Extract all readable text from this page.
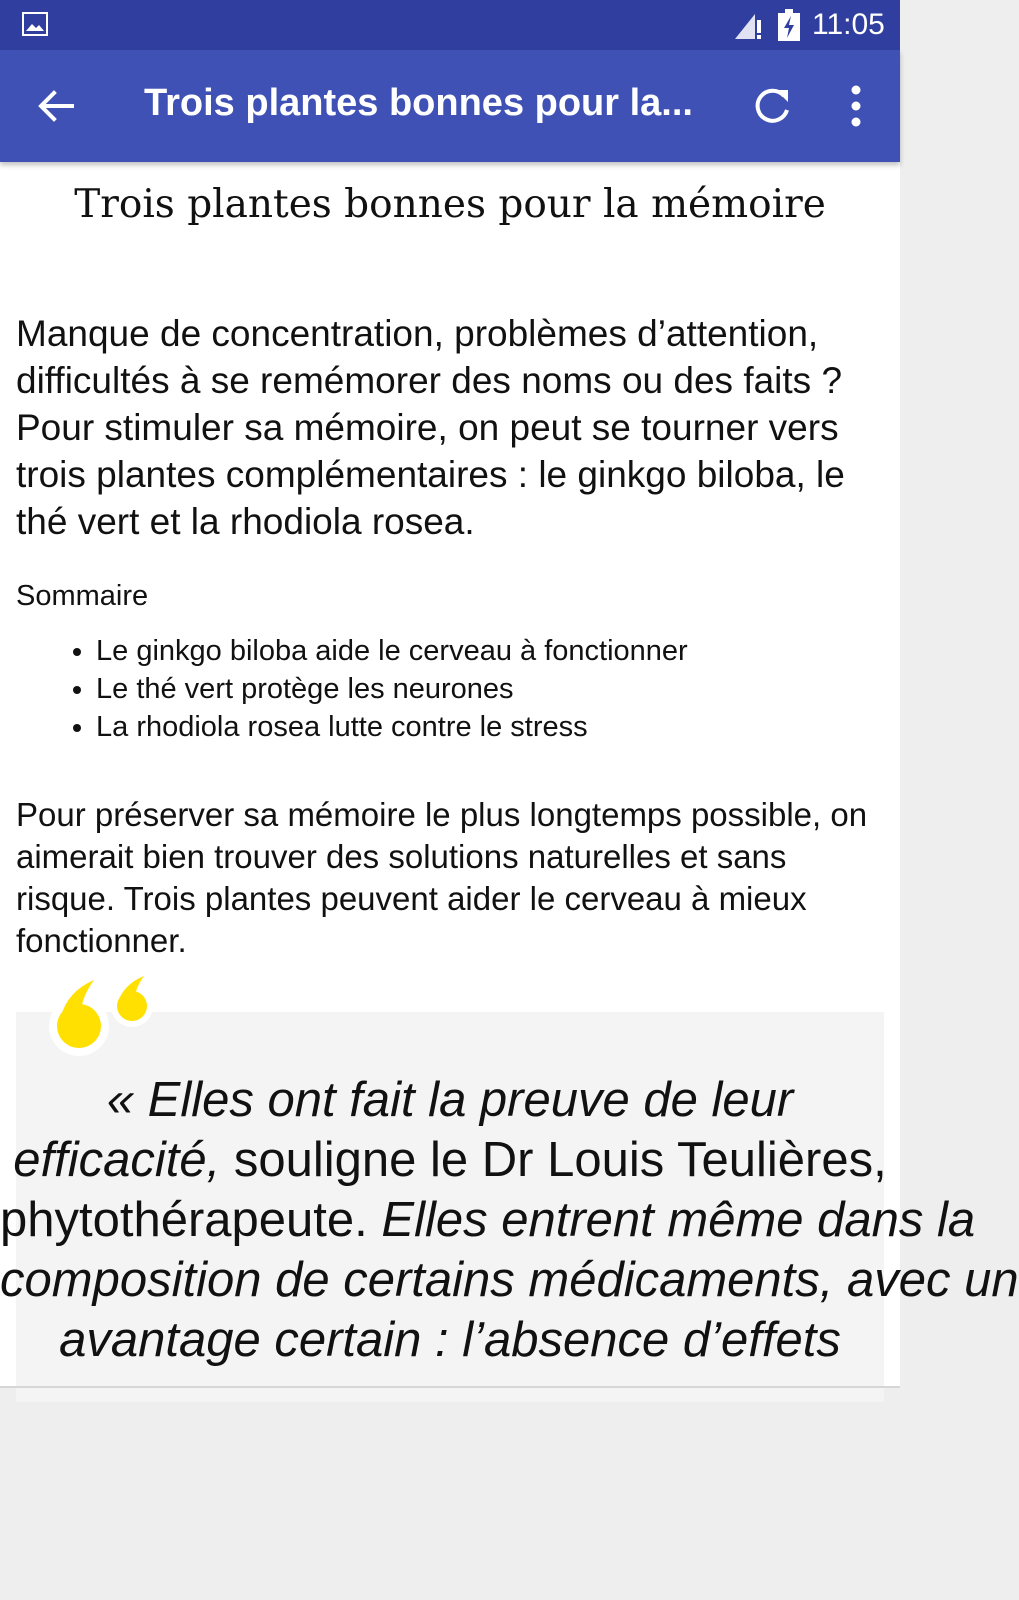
11:05
Trois plantes bonnes pour la...
Trois plantes bonnes pour la mémoire

Manque de concentration, problèmes d’attention, difficultés à se remémorer des noms ou des faits ? Pour stimuler sa mémoire, on peut se tourner vers trois plantes complémentaires : le ginkgo biloba, le thé vert et la rhodiola rosea.

Sommaire
• Le ginkgo biloba aide le cerveau à fonctionner
• Le thé vert protège les neurones
• La rhodiola rosea lutte contre le stress

Pour préserver sa mémoire le plus longtemps possible, on aimerait bien trouver des solutions naturelles et sans risque. Trois plantes peuvent aider le cerveau à mieux fonctionner.

« Elles ont fait la preuve de leur
efficacité, souligne le Dr Louis Teulières,
phytothérapeute. Elles entrent même dans la
composition de certains médicaments, avec un
avantage certain : l’absence d’effets
